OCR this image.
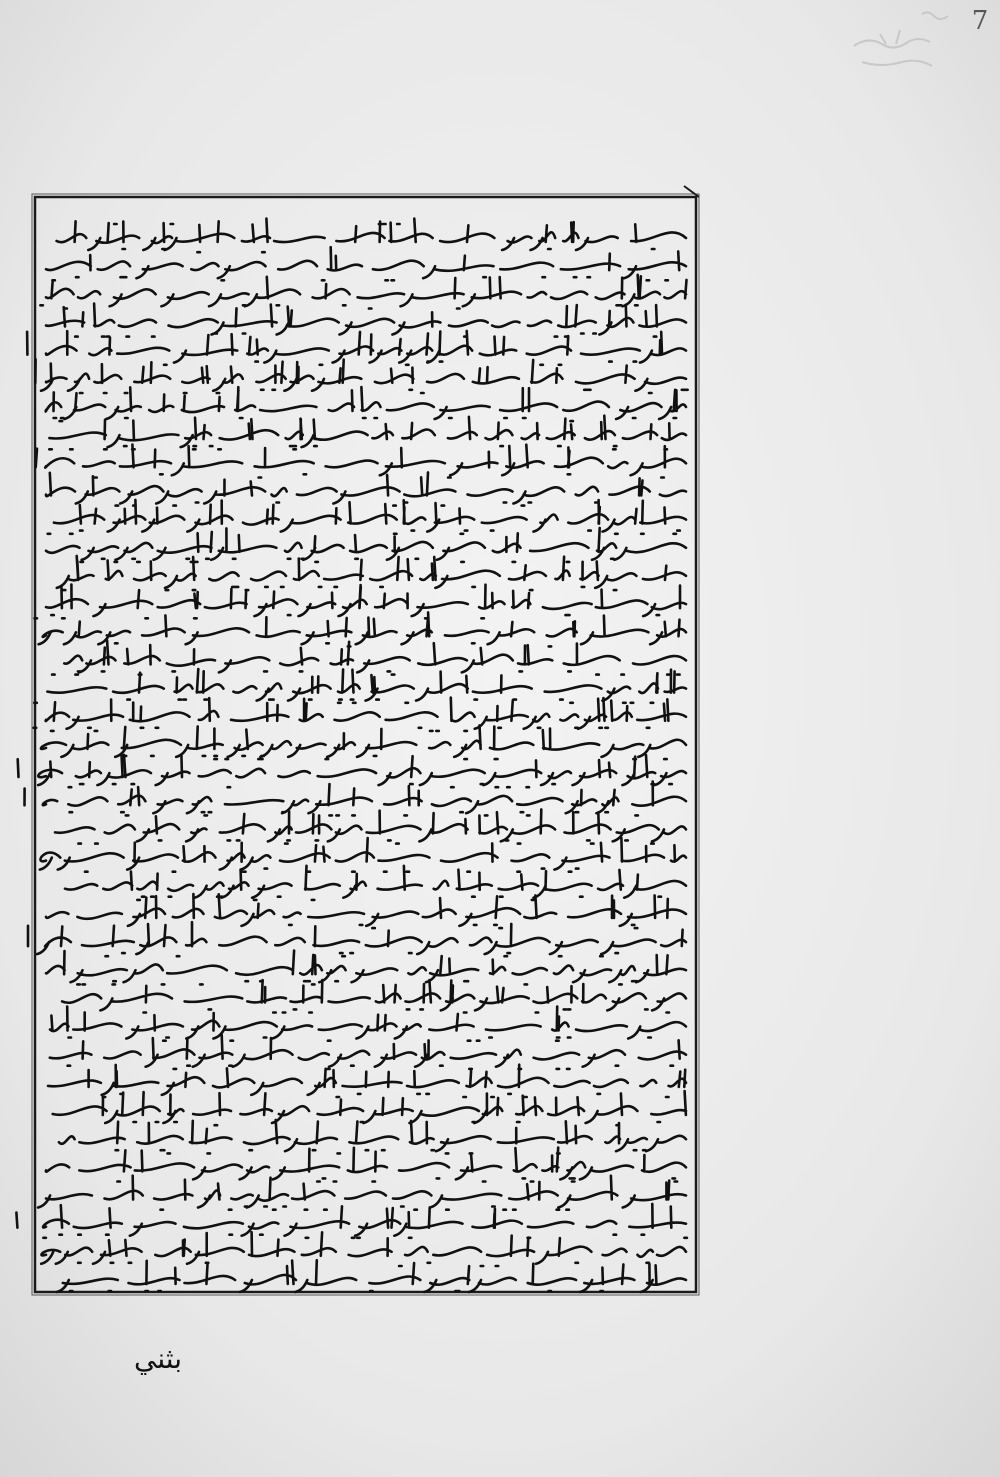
7
بثني
